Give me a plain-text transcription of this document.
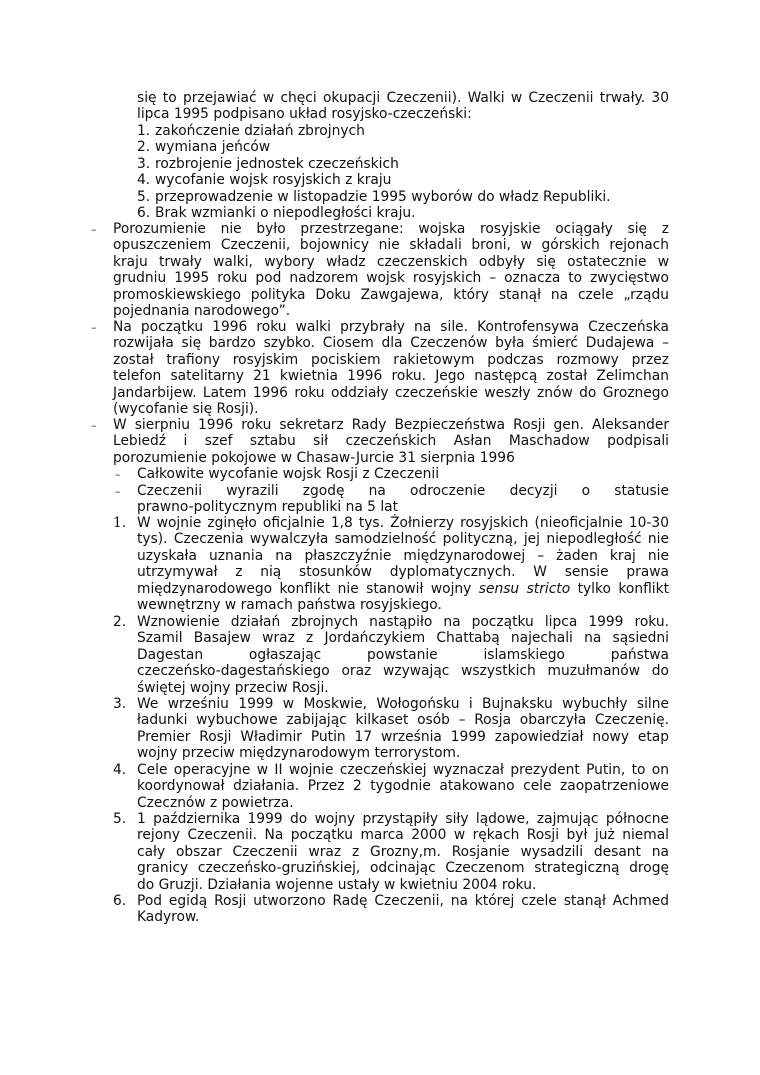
się to przejawiać w chęci okupacji Czeczenii). Walki w Czeczenii trwały. 30
lipca 1995 podpisano układ rosyjsko-czeczeński:
1. zakończenie działań zbrojnych
2. wymiana jeńców
3. rozbrojenie jednostek czeczeńskich
4. wycofanie wojsk rosyjskich z kraju
5. przeprowadzenie w listopadzie 1995 wyborów do władz Republiki.
6. Brak wzmianki o niepodległości kraju.
– Porozumienie nie było przestrzegane: wojska rosyjskie ociągały się z
opuszczeniem Czeczenii, bojownicy nie składali broni, w górskich rejonach
kraju trwały walki, wybory władz czeczenskich odbyły się ostatecznie w
grudniu 1995 roku pod nadzorem wojsk rosyjskich – oznacza to zwycięstwo
promoskiewskiego polityka Doku Zawgajewa, który stanął na czele „rządu
pojednania narodowego”.
– Na początku 1996 roku walki przybrały na sile. Kontrofensywa Czeczeńska
rozwijała się bardzo szybko. Ciosem dla Czeczenów była śmierć Dudajewa –
został trafiony rosyjskim pociskiem rakietowym podczas rozmowy przez
telefon satelitarny 21 kwietnia 1996 roku. Jego następcą został Zelimchan
Jandarbijew. Latem 1996 roku oddziały czeczeńskie weszły znów do Groznego
(wycofanie się Rosji).
– W sierpniu 1996 roku sekretarz Rady Bezpieczeństwa Rosji gen. Aleksander
Lebiedź i szef sztabu sił czeczeńskich Asłan Maschadow podpisali
porozumienie pokojowe w Chasaw-Jurcie 31 sierpnia 1996
– Całkowite wycofanie wojsk Rosji z Czeczenii
– Czeczenii wyrazili zgodę na odroczenie decyzji o statusie
prawno-politycznym republiki na 5 lat
1. W wojnie zginęło oficjalnie 1,8 tys. Żołnierzy rosyjskich (nieoficjalnie 10-30
tys). Czeczenia wywalczyła samodzielność polityczną, jej niepodległość nie
uzyskała uznania na płaszczyźnie międzynarodowej – żaden kraj nie
utrzymywał z nią stosunków dyplomatycznych. W sensie prawa
międzynarodowego konflikt nie stanowił wojny sensu stricto tylko konflikt
wewnętrzny w ramach państwa rosyjskiego.
2. Wznowienie działań zbrojnych nastąpiło na początku lipca 1999 roku.
Szamil Basajew wraz z Jordańczykiem Chattabą najechali na sąsiedni
Dagestan ogłaszając powstanie islamskiego państwa
czeczeńsko-dagestańskiego oraz wzywając wszystkich muzułmanów do
świętej wojny przeciw Rosji.
3. We wrześniu 1999 w Moskwie, Wołogońsku i Bujnaksku wybuchły silne
ładunki wybuchowe zabijając kilkaset osób – Rosja obarczyła Czeczenię.
Premier Rosji Władimir Putin 17 września 1999 zapowiedział nowy etap
wojny przeciw międzynarodowym terrorystom.
4. Cele operacyjne w II wojnie czeczeńskiej wyznaczał prezydent Putin, to on
koordynował działania. Przez 2 tygodnie atakowano cele zaopatrzeniowe
Czecznów z powietrza.
5. 1 października 1999 do wojny przystąpiły siły lądowe, zajmując północne
rejony Czeczenii. Na początku marca 2000 w rękach Rosji był już niemal
cały obszar Czeczenii wraz z Grozny,m. Rosjanie wysadzili desant na
granicy czeczeńsko-gruzińskiej, odcinając Czeczenom strategiczną drogę
do Gruzji. Działania wojenne ustały w kwietniu 2004 roku.
6. Pod egidą Rosji utworzono Radę Czeczenii, na której czele stanął Achmed
Kadyrow.
